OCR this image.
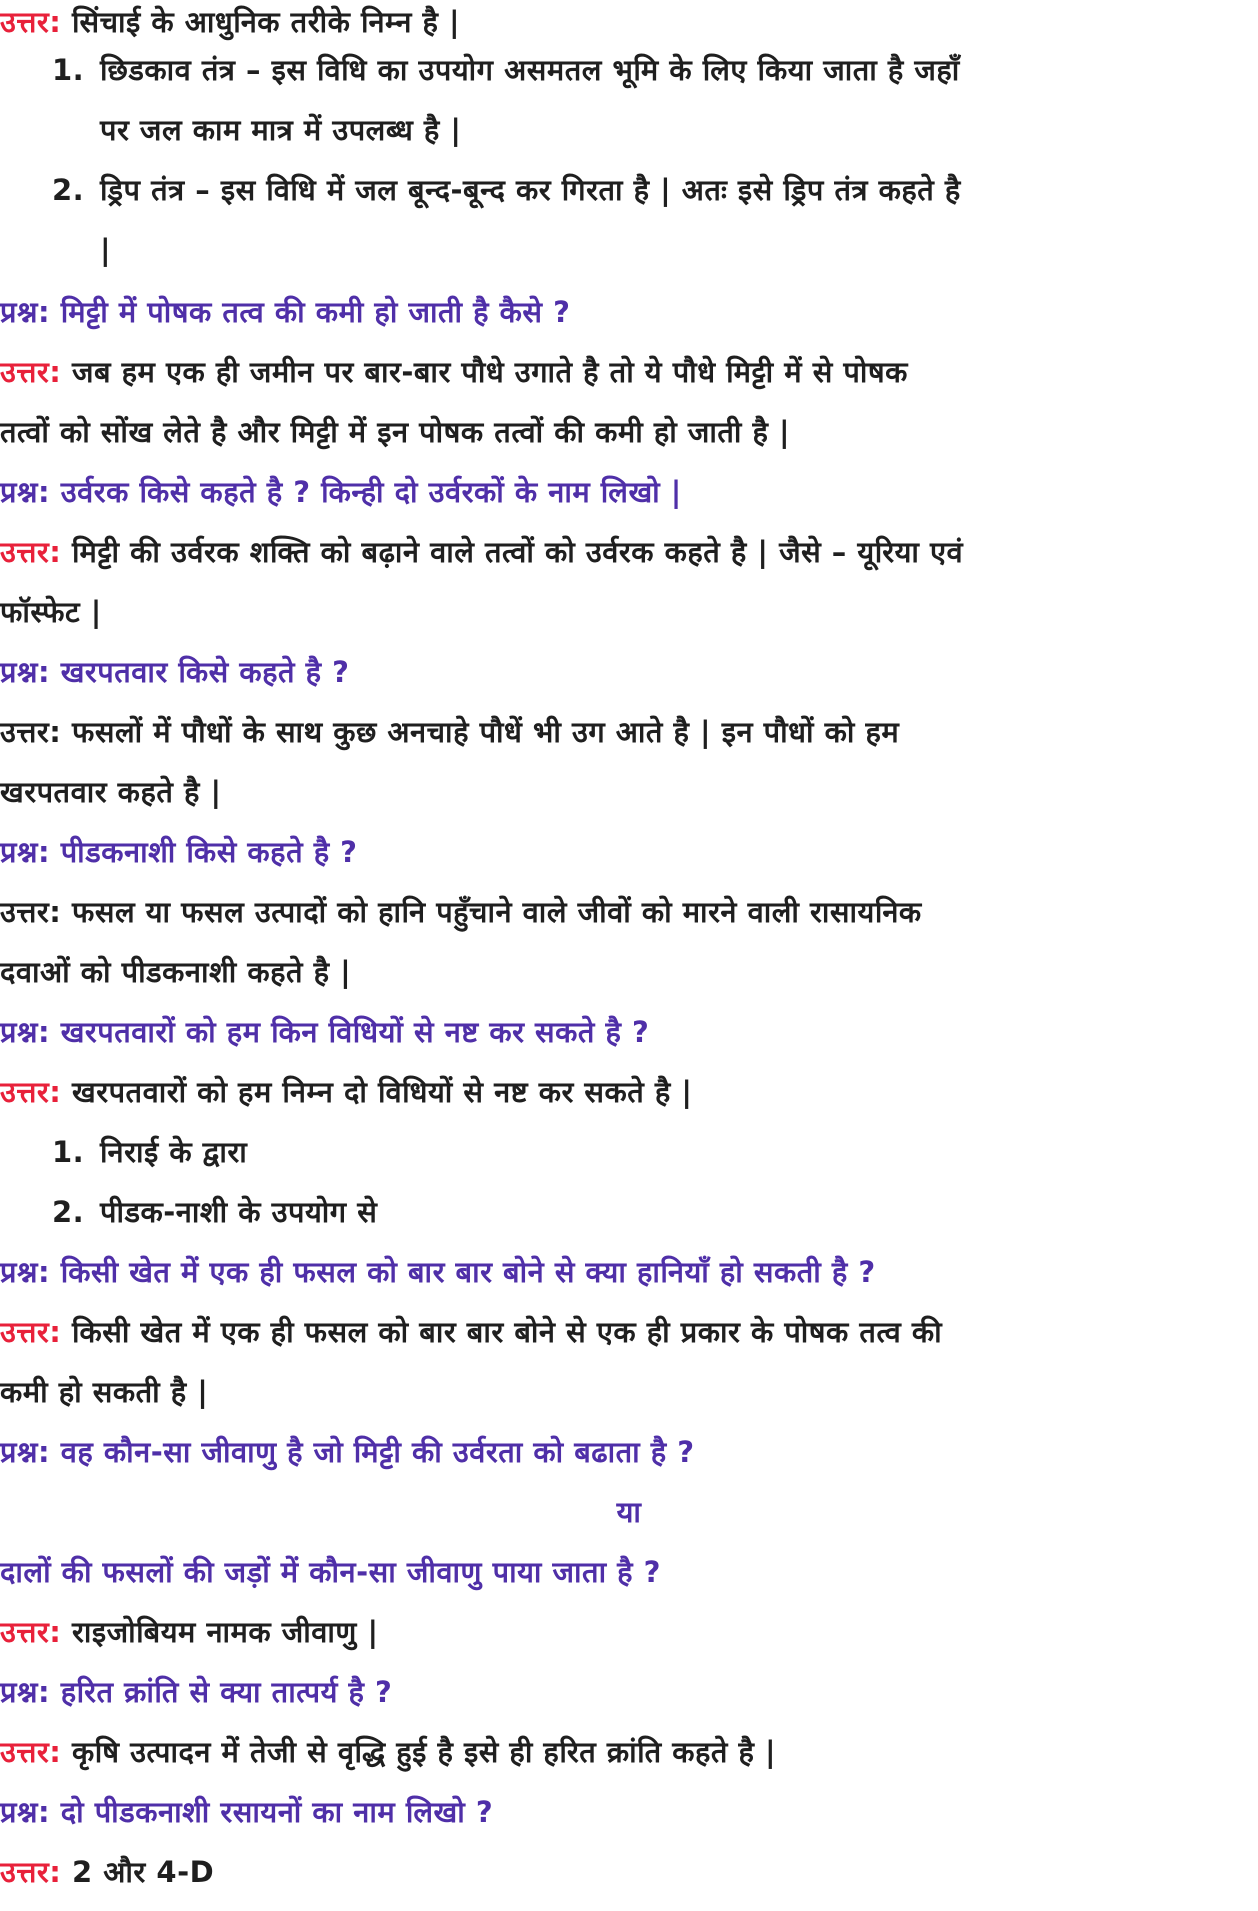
उत्तर: सिंचाई के आधुनिक तरीके निम्न है |
1. छिडकाव तंत्र – इस विधि का उपयोग असमतल भूमि के लिए किया जाता है जहाँ
पर जल काम मात्र में उपलब्ध है |
2. ड्रिप तंत्र – इस विधि में जल बून्द-बून्द कर गिरता है | अतः इसे ड्रिप तंत्र कहते है
|
प्रश्न: मिट्टी में पोषक तत्व की कमी हो जाती है कैसे ?
उत्तर: जब हम एक ही जमीन पर बार-बार पौधे उगाते है तो ये पौधे मिट्टी में से पोषक
तत्वों को सोंख लेते है और मिट्टी में इन पोषक तत्वों की कमी हो जाती है |
प्रश्न: उर्वरक किसे कहते है ? किन्ही दो उर्वरकों के नाम लिखो |
उत्तर: मिट्टी की उर्वरक शक्ति को बढ़ाने वाले तत्वों को उर्वरक कहते है | जैसे – यूरिया एवं
फॉस्फेट |
प्रश्न: खरपतवार किसे कहते है ?
उत्तर: फसलों में पौधों के साथ कुछ अनचाहे पौधें भी उग आते है | इन पौधों को हम
खरपतवार कहते है |
प्रश्न: पीडकनाशी किसे कहते है ?
उत्तर: फसल या फसल उत्पादों को हानि पहुँचाने वाले जीवों को मारने वाली रासायनिक
दवाओं को पीडकनाशी कहते है |
प्रश्न: खरपतवारों को हम किन विधियों से नष्ट कर सकते है ?
उत्तर: खरपतवारों को हम निम्न दो विधियों से नष्ट कर सकते है |
1. निराई के द्वारा
2. पीडक-नाशी के उपयोग से
प्रश्न: किसी खेत में एक ही फसल को बार बार बोने से क्या हानियाँ हो सकती है ?
उत्तर: किसी खेत में एक ही फसल को बार बार बोने से एक ही प्रकार के पोषक तत्व की
कमी हो सकती है |
प्रश्न: वह कौन-सा जीवाणु है जो मिट्टी की उर्वरता को बढाता है ?
या
दालों की फसलों की जड़ों में कौन-सा जीवाणु पाया जाता है ?
उत्तर: राइजोबियम नामक जीवाणु |
प्रश्न: हरित क्रांति से क्या तात्पर्य है ?
उत्तर: कृषि उत्पादन में तेजी से वृद्धि हुई है इसे ही हरित क्रांति कहते है |
प्रश्न: दो पीडकनाशी रसायनों का नाम लिखो ?
उत्तर: 2 और 4-D
